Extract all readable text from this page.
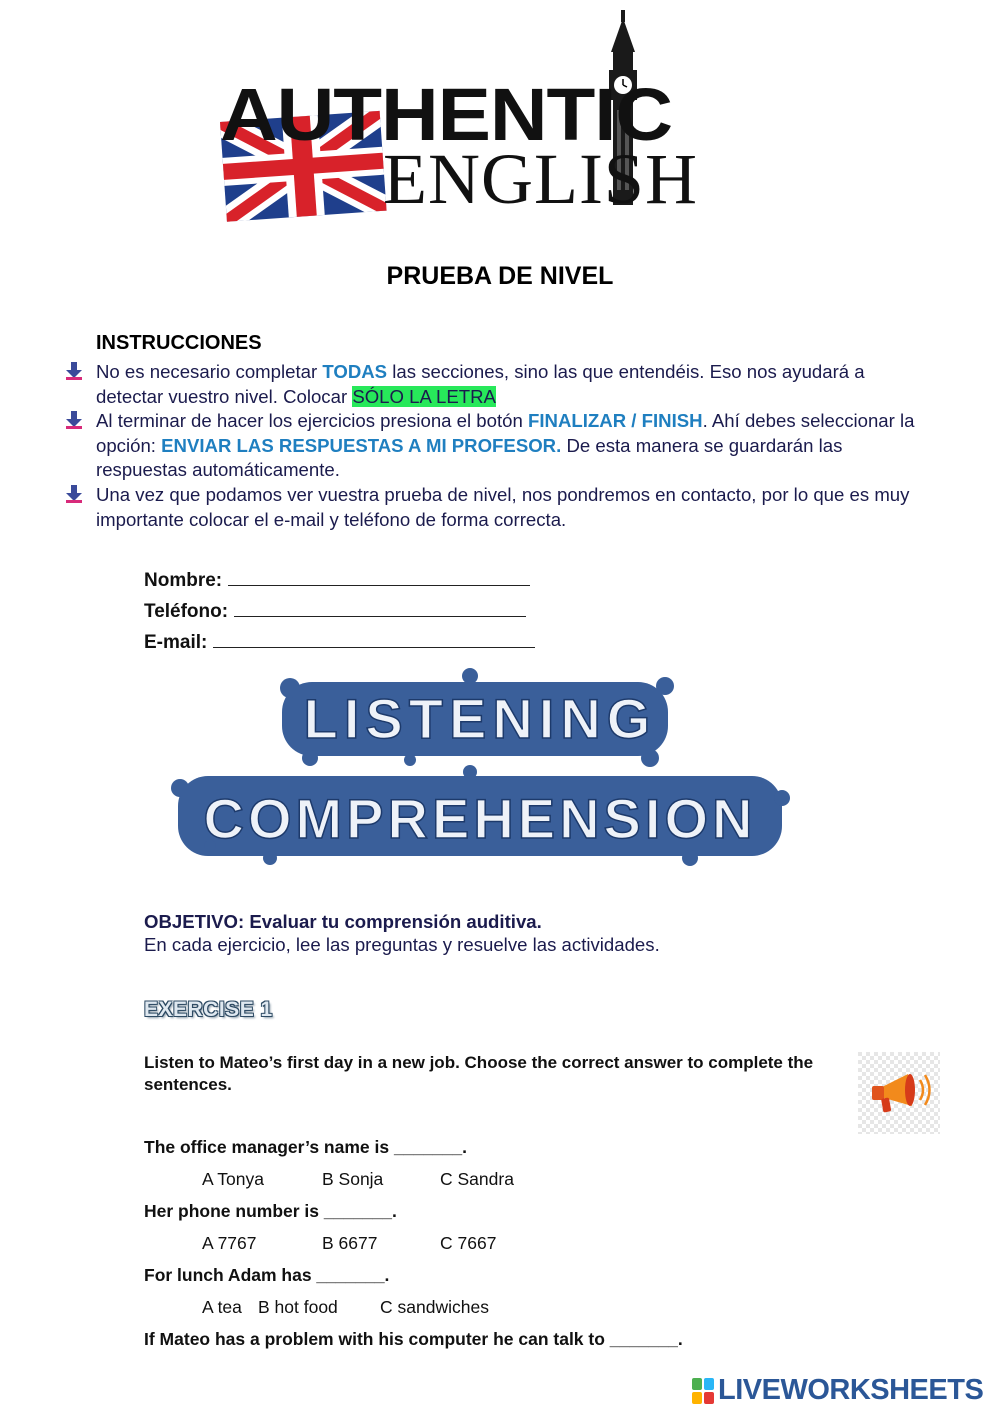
AUTHENTIC
ENGLISH
PRUEBA DE NIVEL
INSTRUCCIONES
No es necesario completar TODAS las secciones, sino las que entendéis. Eso nos ayudará a detectar vuestro nivel. Colocar SÓLO LA LETRA
Al terminar de hacer los ejercicios presiona el botón FINALIZAR / FINISH. Ahí debes seleccionar la opción: ENVIAR LAS RESPUESTAS A MI PROFESOR. De esta manera se guardarán las respuestas automáticamente.
Una vez que podamos ver vuestra prueba de nivel, nos pondremos en contacto, por lo que es muy importante colocar el e-mail y teléfono de forma correcta.
Nombre:
Teléfono:
E-mail:
LISTENING
COMPREHENSION
OBJETIVO: Evaluar tu comprensión auditiva.
En cada ejercicio, lee las preguntas y resuelve las actividades.
EXERCISE 1
Listen to Mateo’s first day in a new job. Choose the correct answer to complete the sentences.
The office manager’s name is _______.
A Tonya	B Sonja	C Sandra
Her phone number is _______.
A 7767	B 6677	C 7667
For lunch Adam has _______.
A tea B hot food C sandwiches
If Mateo has a problem with his computer he can talk to _______.
LIVEWORKSHEETS
